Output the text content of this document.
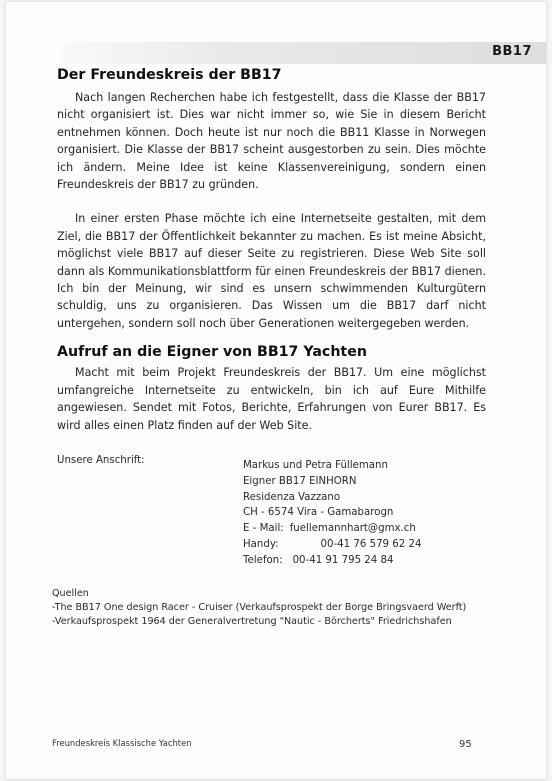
BB17
Der Freundeskreis der BB17

Nach langen Recherchen habe ich festgestellt, dass die Klasse der BB17 nicht organisiert ist. Dies war nicht immer so, wie Sie in diesem Bericht entnehmen können. Doch heute ist nur noch die BB11 Klasse in Norwegen organisiert. Die Klasse der BB17 scheint ausgestorben zu sein. Dies möchte ich ändern. Meine Idee ist keine Klassenvereinigung, sondern einen Freundeskreis der BB17 zu gründen.

In einer ersten Phase möchte ich eine Internetseite gestalten, mit dem Ziel, die BB17 der Öffentlichkeit bekannter zu machen. Es ist meine Absicht, möglichst viele BB17 auf dieser Seite zu registrieren. Diese Web Site soll dann als Kommunikationsblattform für einen Freundeskreis der BB17 dienen. Ich bin der Meinung, wir sind es unsern schwimmenden Kulturgütern schuldig, uns zu organisieren. Das Wissen um die BB17 darf nicht untergehen, sondern soll noch über Generationen weitergegeben werden.

Aufruf an die Eigner von BB17 Yachten

Macht mit beim Projekt Freundeskreis der BB17. Um eine möglichst umfangreiche Internetseite zu entwickeln, bin ich auf Eure Mithilfe angewiesen. Sendet mit Fotos, Berichte, Erfahrungen von Eurer BB17. Es wird alles einen Platz finden auf der Web Site.

Unsere Anschrift:	Markus und Petra Füllemann
Eigner BB17 EINHORN
Residenza Vazzano
CH - 6574 Vira - Gamabarogn
E - Mail: fuellemannhart@gmx.ch
Handy:	00-41 76 579 62 24
Telefon: 00-41 91 795 24 84
Quellen
-The BB17 One design Racer - Cruiser (Verkaufsprospekt der Borge Bringsvaerd Werft)
-Verkaufsprospekt 1964 der Generalvertretung "Nautic - Börcherts" Friedrichshafen
Freundeskreis Klassische Yachten	95
